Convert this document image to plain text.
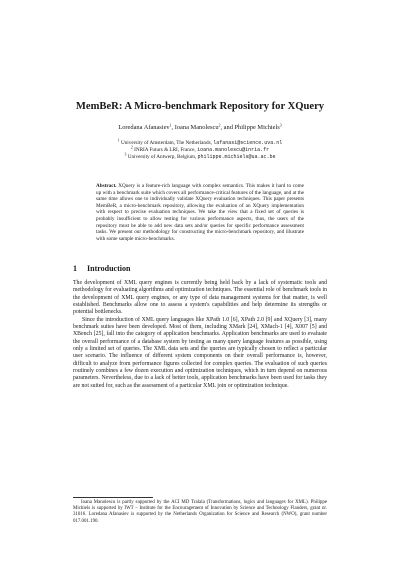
MemBeR: A Micro-benchmark Repository for XQuery
Loredana Afanasiev$^1$, Ioana Manolescu$^2$, and Philippe Michiels$^3$
$^1$ University of Amsterdam, The Netherlands, lafanasi@science.uva.nl
$^2$ INRIA Futurs & LRI, France, ioana.manolescu@inria.fr
$^3$ University of Antwerp, Belgium, philippe.michiels@ua.ac.be
Abstract. XQuery is a feature-rich language with complex semantics. This makes it hard to come up with a benchmark suite which covers all performance-critical features of the language, and at the same time allows one to individually validate XQuery evaluation techniques. This paper presents MemBeR, a micro-benchmark repository, allowing the evaluation of an XQuery implementation with respect to precise evaluation techniques. We take the view that a fixed set of queries is probably insufficient to allow testing for various performance aspects, thus, the users of the repository must be able to add new data sets and/or queries for specific performance assessment tasks. We present our methodology for constructing the micro-benchmark repository, and illustrate with some sample micro-benchmarks.
1 Introduction

The development of XML query engines is currently being held back by a lack of systematic tools and methodology for evaluating algorithms and optimization techniques. The essential role of benchmark tools in the development of XML query engines, or any type of data management systems for that matter, is well established. Benchmarks allow one to assess a system's capabilities and help determine its strengths or potential bottlenecks.

Since the introduction of XML query languages like XPath 1.0 [6], XPath 2.0 [9] and XQuery [3], many benchmark suites have been developed. Most of them, including XMark [24], XMach-1 [4], X007 [5] and XBench [25], fall into the category of application benchmarks. Application benchmarks are used to evaluate the overall performance of a database system by testing as many query language features as possible, using only a limited set of queries. The XML data sets and the queries are typically chosen to reflect a particular user scenario. The influence of different system components on their overall performance is, however, difficult to analyze from performance figures collected for complex queries. The evaluation of such queries routinely combines a few dozen execution and optimization techniques, which in turn depend on numerous parameters. Nevertheless, due to a lack of better tools, application benchmarks have been used for tasks they are not suited for, such as the assessment of a particular XML join or optimization technique.

Ioana Manolescu is partly supported by the ACI MD Tralala (Transformations, logics and languages for XML). Philippe Michiels is supported by IWT – Institute for the Encouragement of Innovation by Science and Technology Flanders, grant nr. 31016. Loredana Afanasiev is supported by the Netherlands Organization for Science and Research (NWO), grant number 017.001.190.
